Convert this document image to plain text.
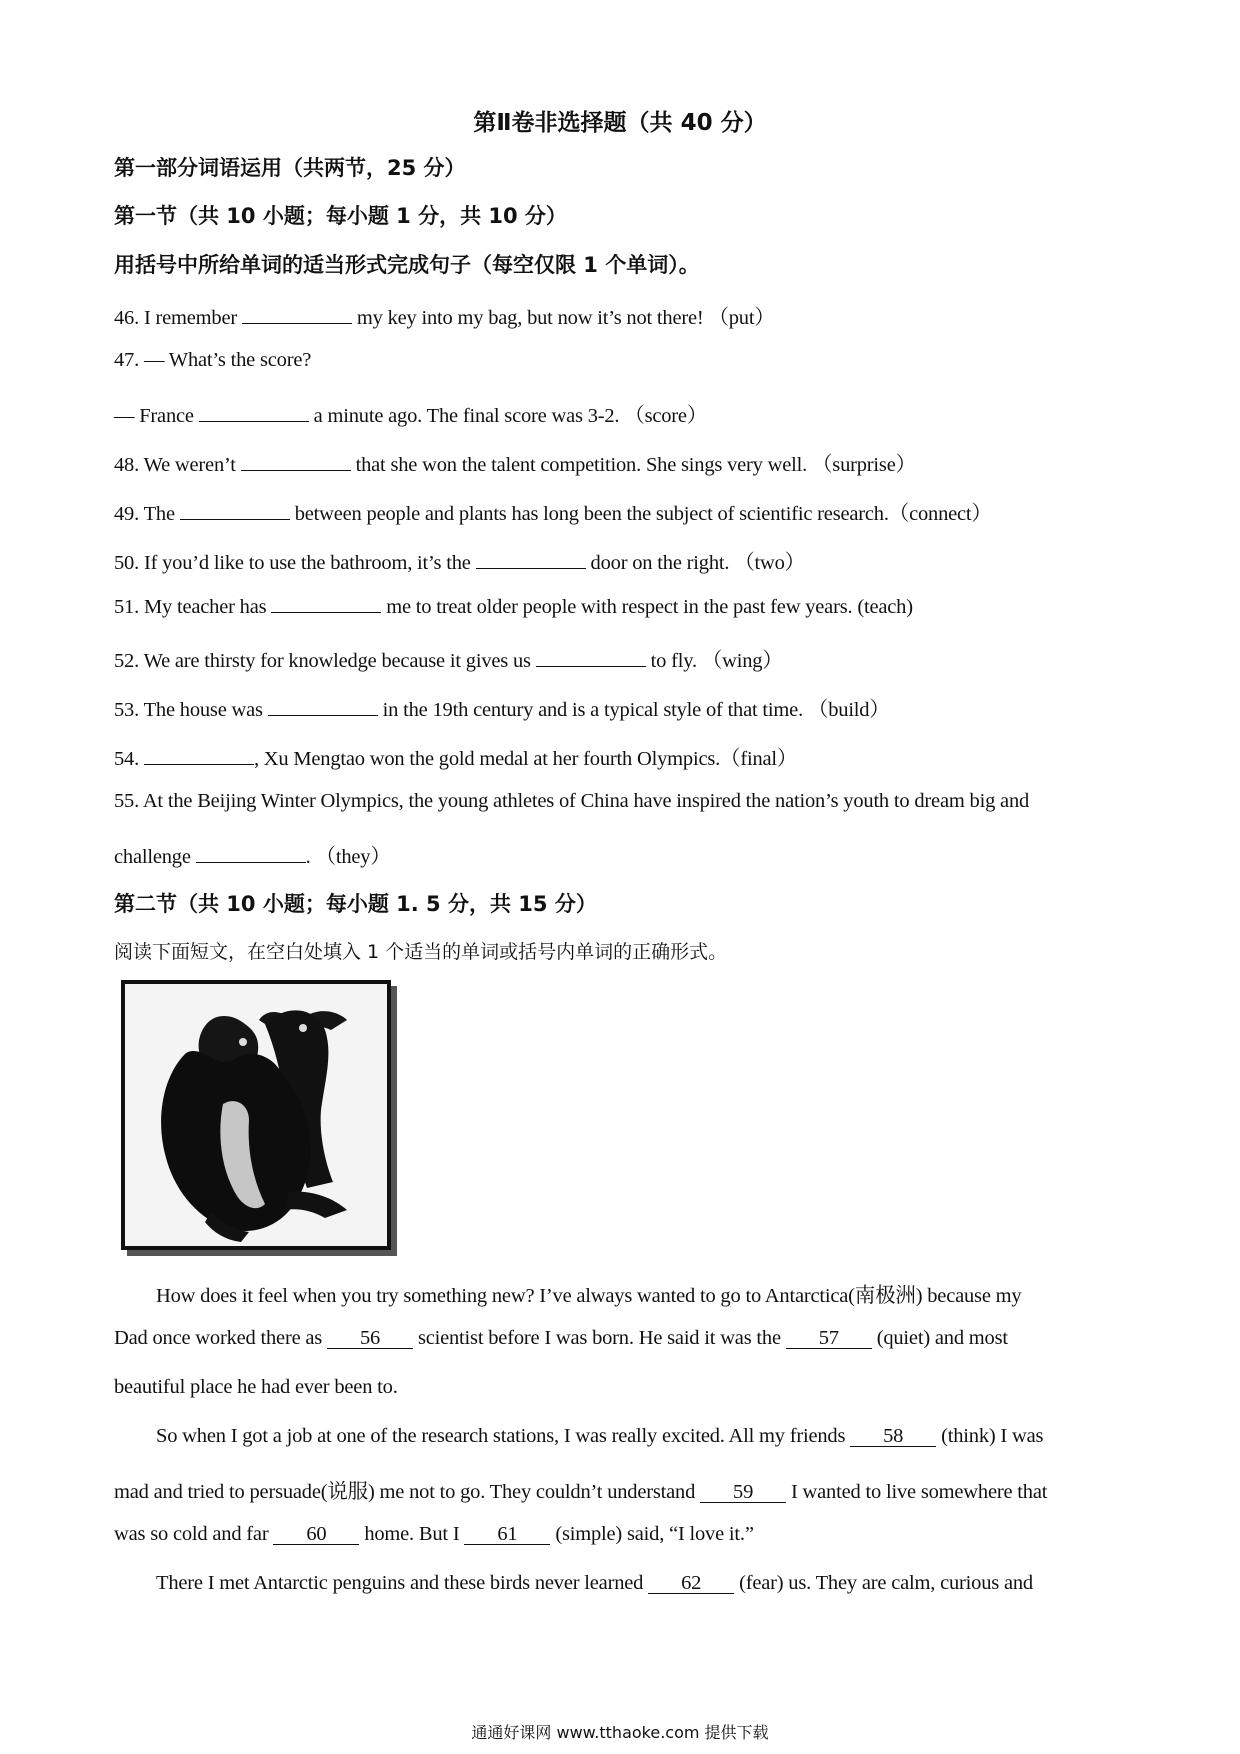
第Ⅱ卷非选择题（共 40 分）
第一部分词语运用（共两节，25 分）
第一节（共 10 小题；每小题 1 分，共 10 分）
用括号中所给单词的适当形式完成句子（每空仅限 1 个单词）。
46. I remember	my key into my bag, but now it’s not there! （put）
47. — What’s the score?
— France	a minute ago. The final score was 3-2. （score）
48. We weren’t	that she won the talent competition. She sings very well. （surprise）
49. The	between people and plants has long been the subject of scientific research.（connect）
50. If you’d like to use the bathroom, it’s the	door on the right. （two）
51. My teacher has	me to treat older people with respect in the past few years. (teach)
52. We are thirsty for knowledge because it gives us	to fly. （wing）
53. The house was	in the 19th century and is a typical style of that time. （build）
54.	, Xu Mengtao won the gold medal at her fourth Olympics.（final）
55. At the Beijing Winter Olympics, the young athletes of China have inspired the nation’s youth to dream big and
challenge	. （they）
第二节（共 10 小题；每小题 1. 5 分，共 15 分）
阅读下面短文，在空白处填入 1 个适当的单词或括号内单词的正确形式。
How does it feel when you try something new? I’ve always wanted to go to Antarctica(南极洲) because my
Dad once worked there as 56 scientist before I was born. He said it was the 57 (quiet) and most
beautiful place he had ever been to.
So when I got a job at one of the research stations, I was really excited. All my friends 58 (think) I was
mad and tried to persuade(说服) me not to go. They couldn’t understand 59 I wanted to live somewhere that
was so cold and far 60 home. But I 61 (simple) said, “I love it.”
There I met Antarctic penguins and these birds never learned 62 (fear) us. They are calm, curious and
通通好课网 www.tthaoke.com 提供下载
